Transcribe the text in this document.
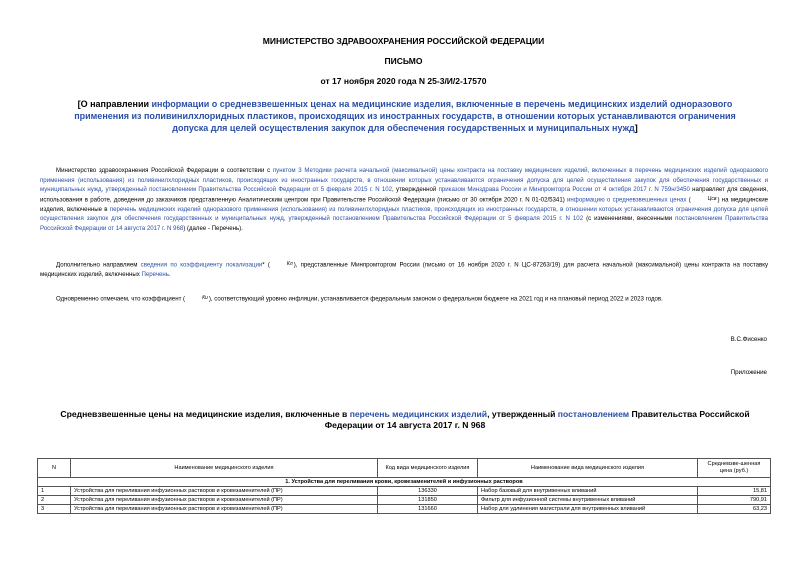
МИНИСТЕРСТВО ЗДРАВООХРАНЕНИЯ РОССИЙСКОЙ ФЕДЕРАЦИИ
ПИСЬМО
от 17 ноября 2020 года N 25-3/И/2-17570
[О направлении информации о средневзвешенных ценах на медицинские изделия, включенные в перечень медицинских изделий одноразового применения из поливинилхлоридных пластиков, происходящих из иностранных государств, в отношении которых устанавливаются ограничения допуска для целей осуществления закупок для обеспечения государственных и муниципальных нужд]
Министерство здравоохранения Российской Федерации в соответствии с пунктом 3 Методики расчета начальной (максимальной) цены контракта на поставку медицинских изделий, включенных в перечень медицинских изделий одноразового применения (использования) из поливинилхлоридных пластиков, происходящих из иностранных государств, в отношении которых устанавливаются ограничения допуска для целей осуществления закупок для обеспечения государственных и муниципальных нужд, утвержденный постановлением Правительства Российской Федерации от 5 февраля 2015 г. N 102, утвержденной приказом Минздрава России и Минпромторга России от 4 октября 2017 г. N 759н/3450 направляет для сведения, использования в работе, доведения до заказчиков представленную Аналитическим центром при Правительстве Российской Федерации (письмо от 30 октября 2020 г. N 01-02/5341) информацию о средневзвешенных ценах (	Цсв) на медицинские изделия, включенные в перечень медицинских изделий одноразового применения (использования) из поливинилхлоридных пластиков, происходящих из иностранных государств, в отношении которых устанавливаются ограничения допуска для целей осуществления закупок для обеспечения государственных и муниципальных нужд, утвержденный постановлением Правительства Российской Федерации от 5 февраля 2015 г. N 102 (с изменениями, внесенными постановлением Правительства Российской Федерации от 14 августа 2017 г. N 968) (далее - Перечень).
Дополнительно направляем сведения по коэффициенту локализации* (	Кл), представленные Минпромторгом России (письмо от 16 ноября 2020 г. N ЦС-87263/19) для расчета начальной (максимальной) цены контракта на поставку медицинских изделий, включенных Перечень.
Одновременно отмечаем, что коэффициент (	Ки), соответствующий уровню инфляции, устанавливается федеральным законом о федеральном бюджете на 2021 год и на плановый период 2022 и 2023 годов.
В.С.Фисенко
Приложение
Средневзвешенные цены на медицинские изделия, включенные в перечень медицинских изделий, утвержденный постановлением Правительства Российской Федерации от 14 августа 2017 г. N 968
N	Наименование медицинского изделия	Код вида медицинского изделия	Наименование вида медицинского изделия	Средневзве-шенная цена (руб.)
1. Устройства для переливания крови, кровезаменителей и инфузионных растворов				
1	Устройства для переливания инфузионных растворов и кровезаменителей (ПР)	136330	Набор базовый для внутривенных вливаний	15,81
2	Устройства для переливания инфузионных растворов и кровезаменителей (ПР)	131850	Фильтр для инфузионной системы внутривенных вливаний	790,91
3	Устройства для переливания инфузионных растворов и кровезаменителей (ПР)	131660	Набор для удлинения магистрали для внутривенных вливаний	63,23
